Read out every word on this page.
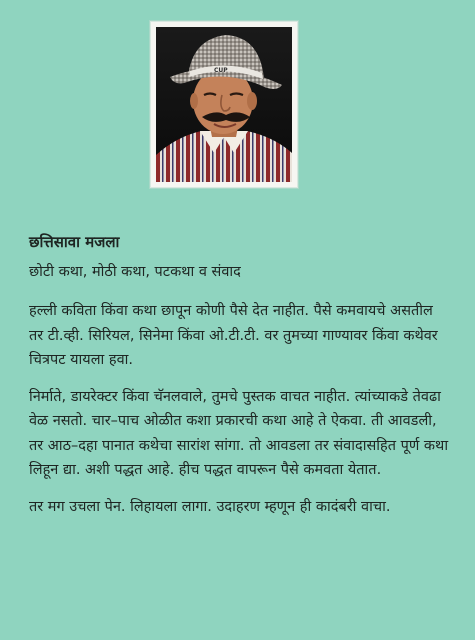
CUP
छत्तिसावा मजला
छोटी कथा, मोठी कथा, पटकथा व संवाद

हल्ली कविता किंवा कथा छापून कोणी पैसे देत नाहीत. पैसे कमवायचे असतील तर टी.व्ही. सिरियल, सिनेमा किंवा ओ.टी.टी. वर तुमच्या गाण्यावर किंवा कथेवर चित्रपट यायला हवा.

निर्माते, डायरेक्टर किंवा चॅनलवाले, तुमचे पुस्तक वाचत नाहीत. त्यांच्याकडे तेवढा वेळ नसतो. चार–पाच ओळीत कशा प्रकारची कथा आहे ते ऐकवा. ती आवडली, तर आठ–दहा पानात कथेचा सारांश सांगा. तो आवडला तर संवादासहित पूर्ण कथा लिहून द्या. अशी पद्धत आहे. हीच पद्धत वापरून पैसे कमवता येतात.

तर मग उचला पेन. लिहायला लागा. उदाहरण म्हणून ही कादंबरी वाचा.
